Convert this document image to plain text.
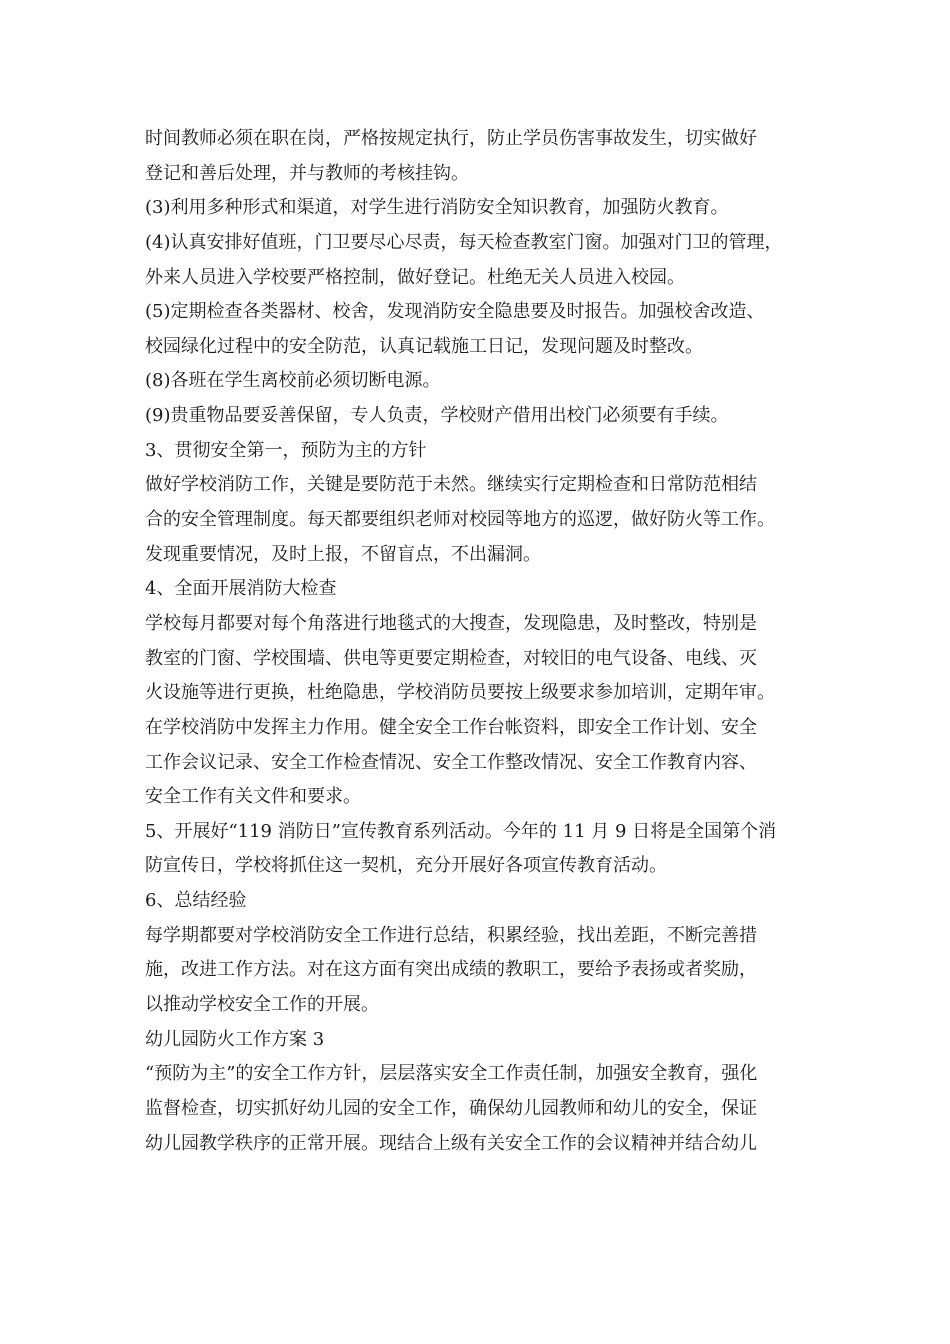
时间教师必须在职在岗，严格按规定执行，防止学员伤害事故发生，切实做好
登记和善后处理，并与教师的考核挂钩。
(3)利用多种形式和渠道，对学生进行消防安全知识教育，加强防火教育。
(4)认真安排好值班，门卫要尽心尽责，每天检查教室门窗。加强对门卫的管理，
外来人员进入学校要严格控制，做好登记。杜绝无关人员进入校园。
(5)定期检查各类器材、校舍，发现消防安全隐患要及时报告。加强校舍改造、
校园绿化过程中的安全防范，认真记载施工日记，发现问题及时整改。
(8)各班在学生离校前必须切断电源。
(9)贵重物品要妥善保留，专人负责，学校财产借用出校门必须要有手续。
3、贯彻安全第一，预防为主的方针
做好学校消防工作，关键是要防范于未然。继续实行定期检查和日常防范相结
合的安全管理制度。每天都要组织老师对校园等地方的巡逻，做好防火等工作。
发现重要情况，及时上报，不留盲点，不出漏洞。
4、全面开展消防大检查
学校每月都要对每个角落进行地毯式的大搜查，发现隐患，及时整改，特别是
教室的门窗、学校围墙、供电等更要定期检查，对较旧的电气设备、电线、灭
火设施等进行更换，杜绝隐患，学校消防员要按上级要求参加培训，定期年审。
在学校消防中发挥主力作用。健全安全工作台帐资料，即安全工作计划、安全
工作会议记录、安全工作检查情况、安全工作整改情况、安全工作教育内容、
安全工作有关文件和要求。
5、开展好“119 消防日”宣传教育系列活动。今年的 11 月 9 日将是全国第个消
防宣传日，学校将抓住这一契机，充分开展好各项宣传教育活动。
6、总结经验
每学期都要对学校消防安全工作进行总结，积累经验，找出差距，不断完善措
施，改进工作方法。对在这方面有突出成绩的教职工，要给予表扬或者奖励，
以推动学校安全工作的开展。
幼儿园防火工作方案 3
“预防为主”的安全工作方针，层层落实安全工作责任制，加强安全教育，强化
监督检查，切实抓好幼儿园的安全工作，确保幼儿园教师和幼儿的安全，保证
幼儿园教学秩序的正常开展。现结合上级有关安全工作的会议精神并结合幼儿
